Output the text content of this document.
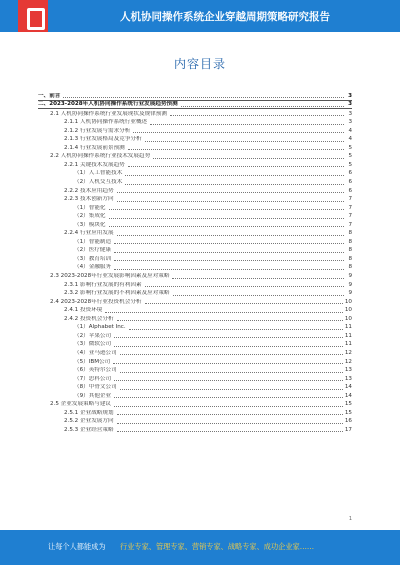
人机协同操作系统企业穿越周期策略研究报告
内容目录
一、前言	3
二、2023-2028年人机协同操作系统行业发展趋势预测	3
2.1 人机协同操作系统行业发展现状及规律预测	3
2.1.1 人机协同操作系统行业概述	3
2.1.2 行业发展与需求分析	4
2.1.3 行业发展格局及竞争分析	4
2.1.4 行业发展前景预测	5
2.2 人机协同操作系统行业技术发展趋势	5
2.2.1 关键技术发展趋势	5
（1）人工智能技术	6
（2）人机交互技术	6
2.2.2 技术应用趋势	6
2.2.3 技术创新方向	7
（1）智能化	7
（2）集成化	7
（3）模块化	7
2.2.4 行业应用发展	8
（1）智能制造	8
（2）医疗健康	8
（3）教育培训	8
（4）金融服务	8
2.3 2023-2028年行业发展影响因素及应对策略	9
2.3.1 影响行业发展的有利因素	9
2.3.2 影响行业发展的不利因素及应对策略	9
2.4 2023-2028年行业投资机会分析	10
2.4.1 投资环境	10
2.4.2 投资机会分析	10
（1）Alphabet Inc.	11
（2）苹果公司	11
（3）微软公司	11
（4）亚马逊公司	12
（5）IBM公司	12
（6）英特尔公司	13
（7）思科公司	13
（8）甲骨文公司	14
（9）其他企业	14
2.5 企业发展策略与建议	15
2.5.1 企业战略规划	15
2.5.2 企业发展方向	16
2.5.3 企业经营策略	17
1
让每个人都能成为 行业专家、管理专家、营销专家、战略专家、成功企业家……
